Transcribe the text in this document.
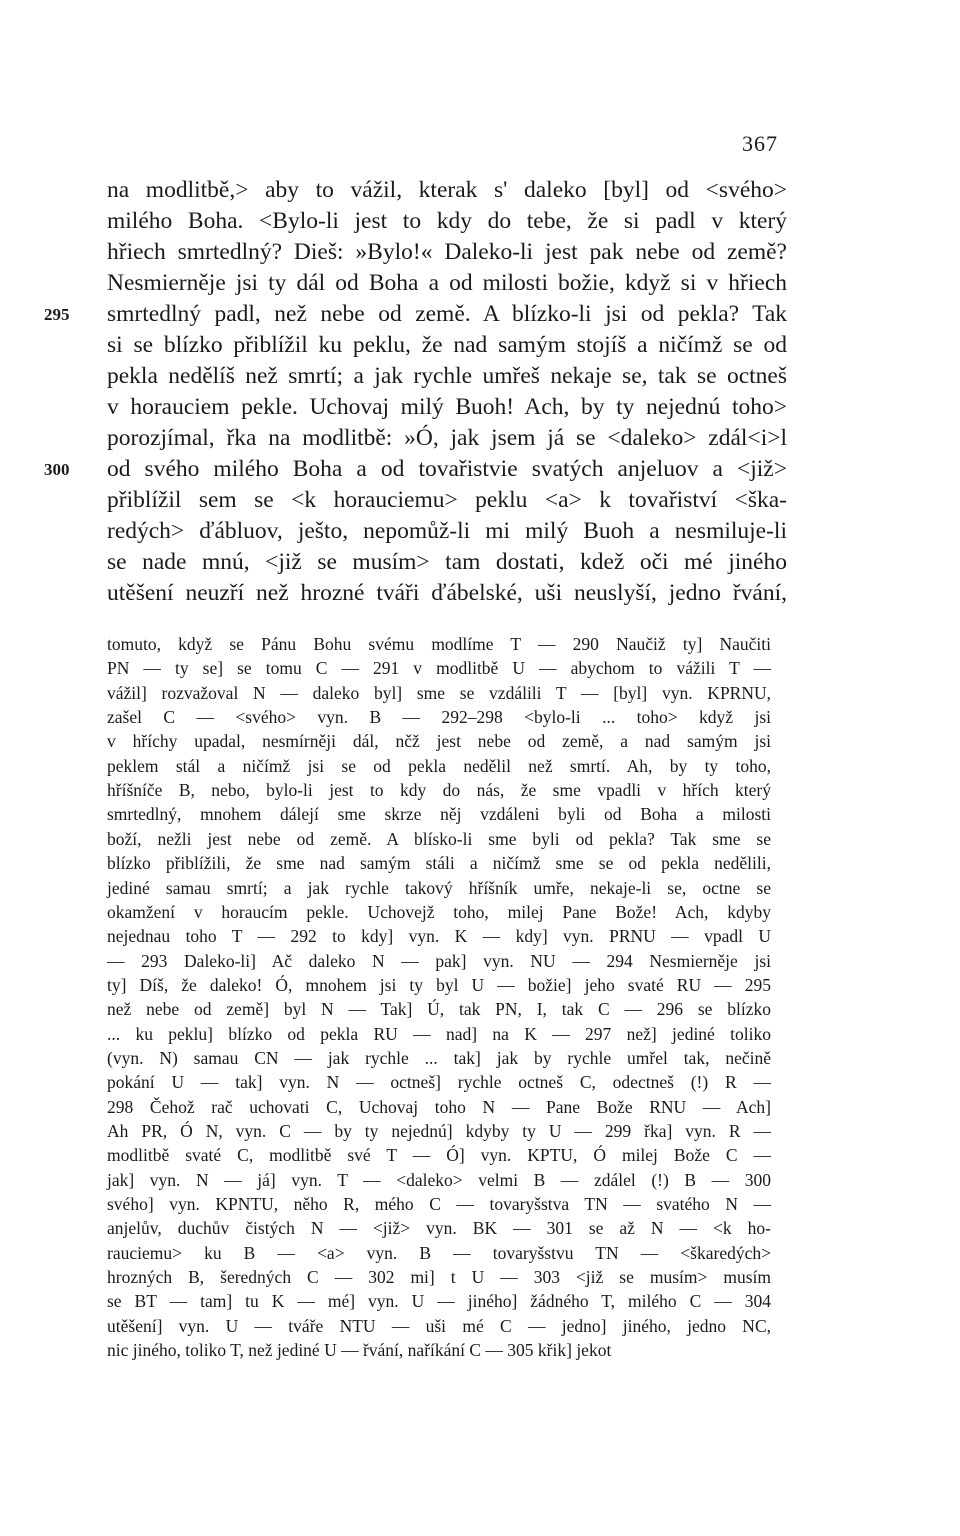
367
na modlitbě,> aby to vážil, kterak s' daleko [byl] od <svého>
milého Boha. <Bylo-li jest to kdy do tebe, že si padl v který
hřiech smrtedlný? Dieš: »Bylo!« Daleko-li jest pak nebe od země?
Nesmierněje jsi ty dál od Boha a od milosti božie, když si v hřiech
smrtedlný padl, než nebe od země. A blízko-li jsi od pekla? Tak
si se blízko přiblížil ku peklu, že nad samým stojíš a ničímž se od
pekla nedělíš než smrtí; a jak rychle umřeš nekaje se, tak se octneš
v horauciem pekle. Uchovaj milý Buoh! Ach, by ty nejednú toho>
porozjímal, řka na modlitbě: »Ó, jak jsem já se <daleko> zdál<i>l
od svého milého Boha a od tovařistvie svatých anjeluov a <již>
přiblížil sem se <k horauciemu> peklu <a> k tovařiství <ška-
redých> ďábluov, ješto, nepomůž-li mi milý Buoh a nesmiluje-li
se nade mnú, <již se musím> tam dostati, kdež oči mé jiného
utěšení neuzří než hrozné tváři ďábelské, uši neuslyší, jedno řvání,
295
300
tomuto, když se Pánu Bohu svému modlíme T — 290 Naučiž ty] Naučiti
PN — ty se] se tomu C — 291 v modlitbě U — abychom to vážili T —
vážil] rozvažoval N — daleko byl] sme se vzdálili T — [byl] vyn. KPRNU,
zašel C — <svého> vyn. B — 292–298 <bylo-li ... toho> když jsi
v hříchy upadal, nesmírněji dál, nčž jest nebe od země, a nad samým jsi
peklem stál a ničímž jsi se od pekla nedělil než smrtí. Ah, by ty toho,
hříšníče B, nebo, bylo-li jest to kdy do nás, že sme vpadli v hřích který
smrtedlný, mnohem dálejí sme skrze něj vzdáleni byli od Boha a milosti
boží, nežli jest nebe od země. A blísko-li sme byli od pekla? Tak sme se
blízko přiblížili, že sme nad samým stáli a ničímž sme se od pekla nedělili,
jediné samau smrtí; a jak rychle takový hříšník umře, nekaje-li se, octne se
okamžení v horaucím pekle. Uchovejž toho, milej Pane Bože! Ach, kdyby
nejednau toho T — 292 to kdy] vyn. K — kdy] vyn. PRNU — vpadl U
— 293 Daleko-li] Ač daleko N — pak] vyn. NU — 294 Nesmierněje jsi
ty] Díš, že daleko! Ó, mnohem jsi ty byl U — božie] jeho svaté RU — 295
než nebe od země] byl N — Tak] Ú, tak PN, I, tak C — 296 se blízko
... ku peklu] blízko od pekla RU — nad] na K — 297 než] jediné toliko
(vyn. N) samau CN — jak rychle ... tak] jak by rychle umřel tak, nečině
pokání U — tak] vyn. N — octneš] rychle octneš C, odectneš (!) R —
298 Čehož rač uchovati C, Uchovaj toho N — Pane Bože RNU — Ach]
Ah PR, Ó N, vyn. C — by ty nejednú] kdyby ty U — 299 řka] vyn. R —
modlitbě svaté C, modlitbě své T — Ó] vyn. KPTU, Ó milej Bože C —
jak] vyn. N — já] vyn. T — <daleko> velmi B — zdálel (!) B — 300
svého] vyn. KPNTU, něho R, mého C — tovaryšstva TN — svatého N —
anjelův, duchův čistých N — <již> vyn. BK — 301 se až N — <k ho-
rauciemu> ku B — <a> vyn. B — tovaryšstvu TN — <škaredých>
hrozných B, šeredných C — 302 mi] t U — 303 <již se musím> musím
se BT — tam] tu K — mé] vyn. U — jiného] žádného T, milého C — 304
utěšení] vyn. U — tváře NTU — uši mé C — jedno] jiného, jedno NC,
nic jiného, toliko T, než jediné U — řvání, naříkání C — 305 křik] jekot
